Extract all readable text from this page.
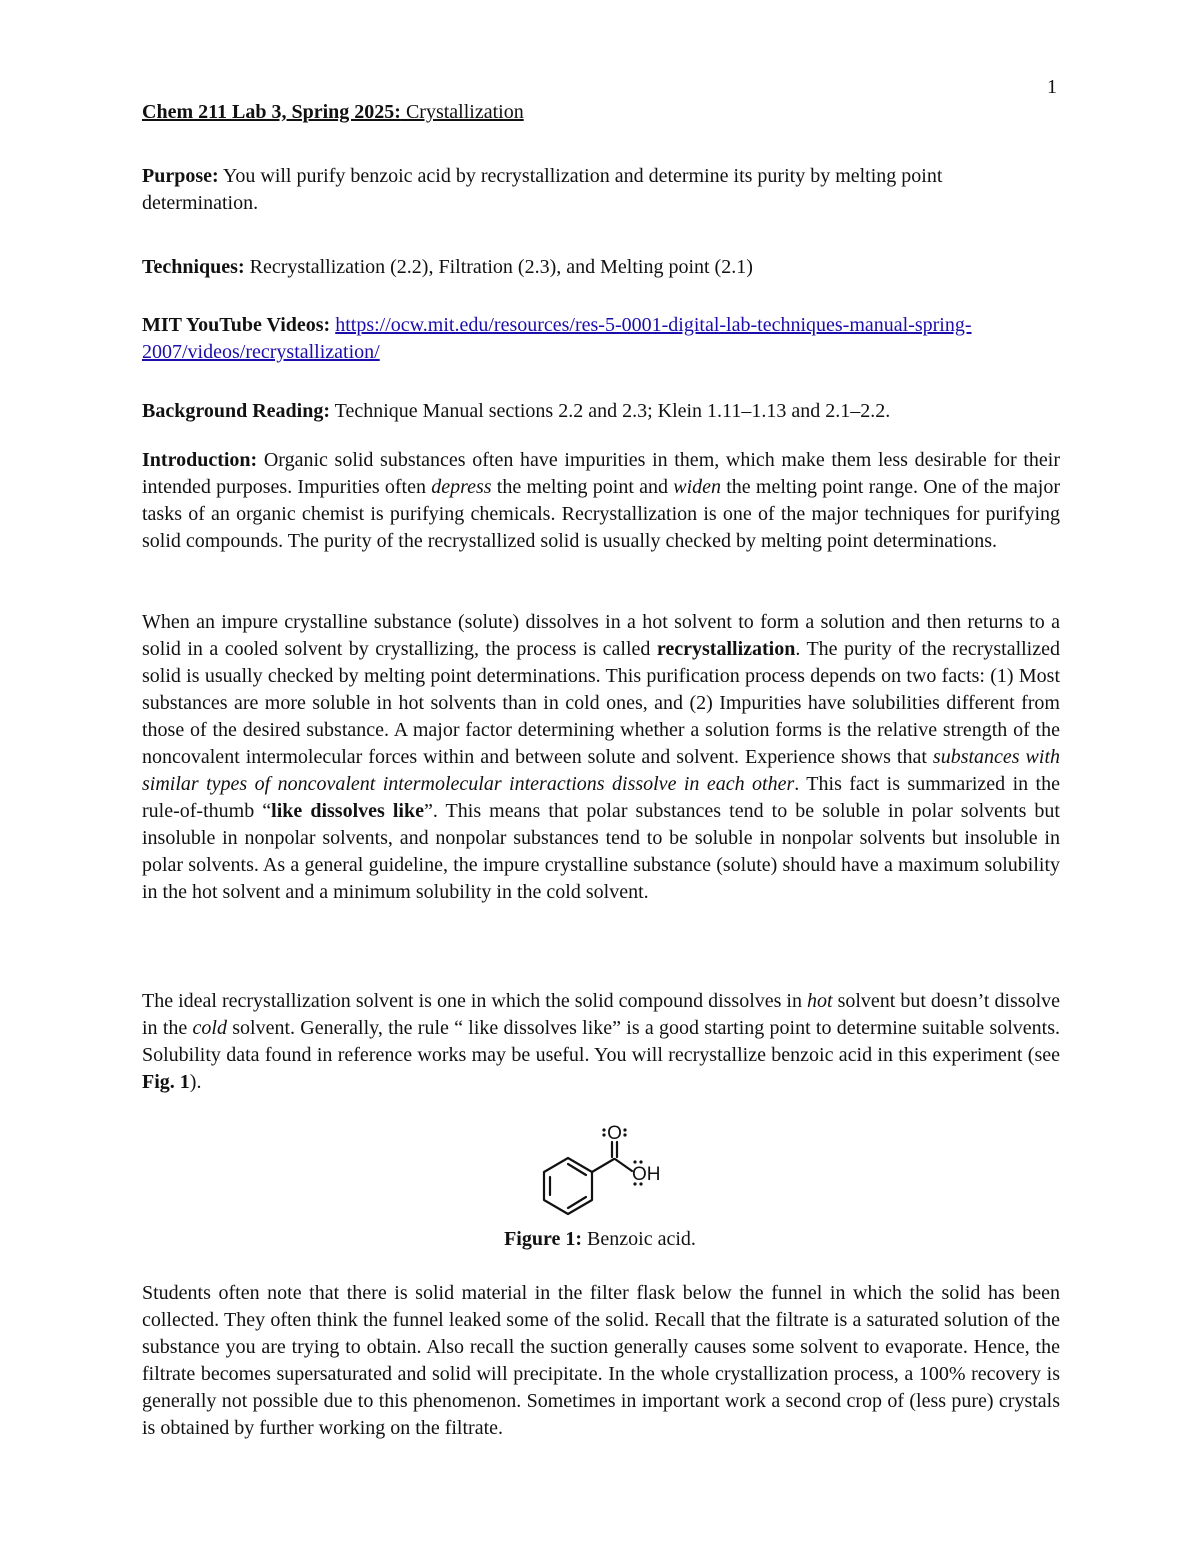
1

Chem 211 Lab 3, Spring 2025: Crystallization

Purpose: You will purify benzoic acid by recrystallization and determine its purity by melting point determination.

Techniques: Recrystallization (2.2), Filtration (2.3), and Melting point (2.1)

MIT YouTube Videos: https://ocw.mit.edu/resources/res-5-0001-digital-lab-techniques-manual-spring-2007/videos/recrystallization/

Background Reading: Technique Manual sections 2.2 and 2.3; Klein 1.11–1.13 and 2.1–2.2.

Introduction: Organic solid substances often have impurities in them, which make them less desirable for their intended purposes. Impurities often depress the melting point and widen the melting point range. One of the major tasks of an organic chemist is purifying chemicals. Recrystallization is one of the major techniques for purifying solid compounds. The purity of the recrystallized solid is usually checked by melting point determinations.

When an impure crystalline substance (solute) dissolves in a hot solvent to form a solution and then returns to a solid in a cooled solvent by crystallizing, the process is called recrystallization. The purity of the recrystallized solid is usually checked by melting point determinations. This purification process depends on two facts: (1) Most substances are more soluble in hot solvents than in cold ones, and (2) Impurities have solubilities different from those of the desired substance. A major factor determining whether a solution forms is the relative strength of the noncovalent intermolecular forces within and between solute and solvent. Experience shows that substances with similar types of noncovalent intermolecular interactions dissolve in each other. This fact is summarized in the rule-of-thumb “like dissolves like”. This means that polar substances tend to be soluble in polar solvents but insoluble in nonpolar solvents, and nonpolar substances tend to be soluble in nonpolar solvents but insoluble in polar solvents. As a general guideline, the impure crystalline substance (solute) should have a maximum solubility in the hot solvent and a minimum solubility in the cold solvent.

The ideal recrystallization solvent is one in which the solid compound dissolves in hot solvent but doesn’t dissolve in the cold solvent. Generally, the rule “ like dissolves like” is a good starting point to determine suitable solvents. Solubility data found in reference works may be useful. You will recrystallize benzoic acid in this experiment (see Fig. 1).

O
OH

Figure 1: Benzoic acid.

Students often note that there is solid material in the filter flask below the funnel in which the solid has been collected. They often think the funnel leaked some of the solid. Recall that the filtrate is a saturated solution of the substance you are trying to obtain. Also recall the suction generally causes some solvent to evaporate. Hence, the filtrate becomes supersaturated and solid will precipitate. In the whole crystallization process, a 100% recovery is generally not possible due to this phenomenon. Sometimes in important work a second crop of (less pure) crystals is obtained by further working on the filtrate.
